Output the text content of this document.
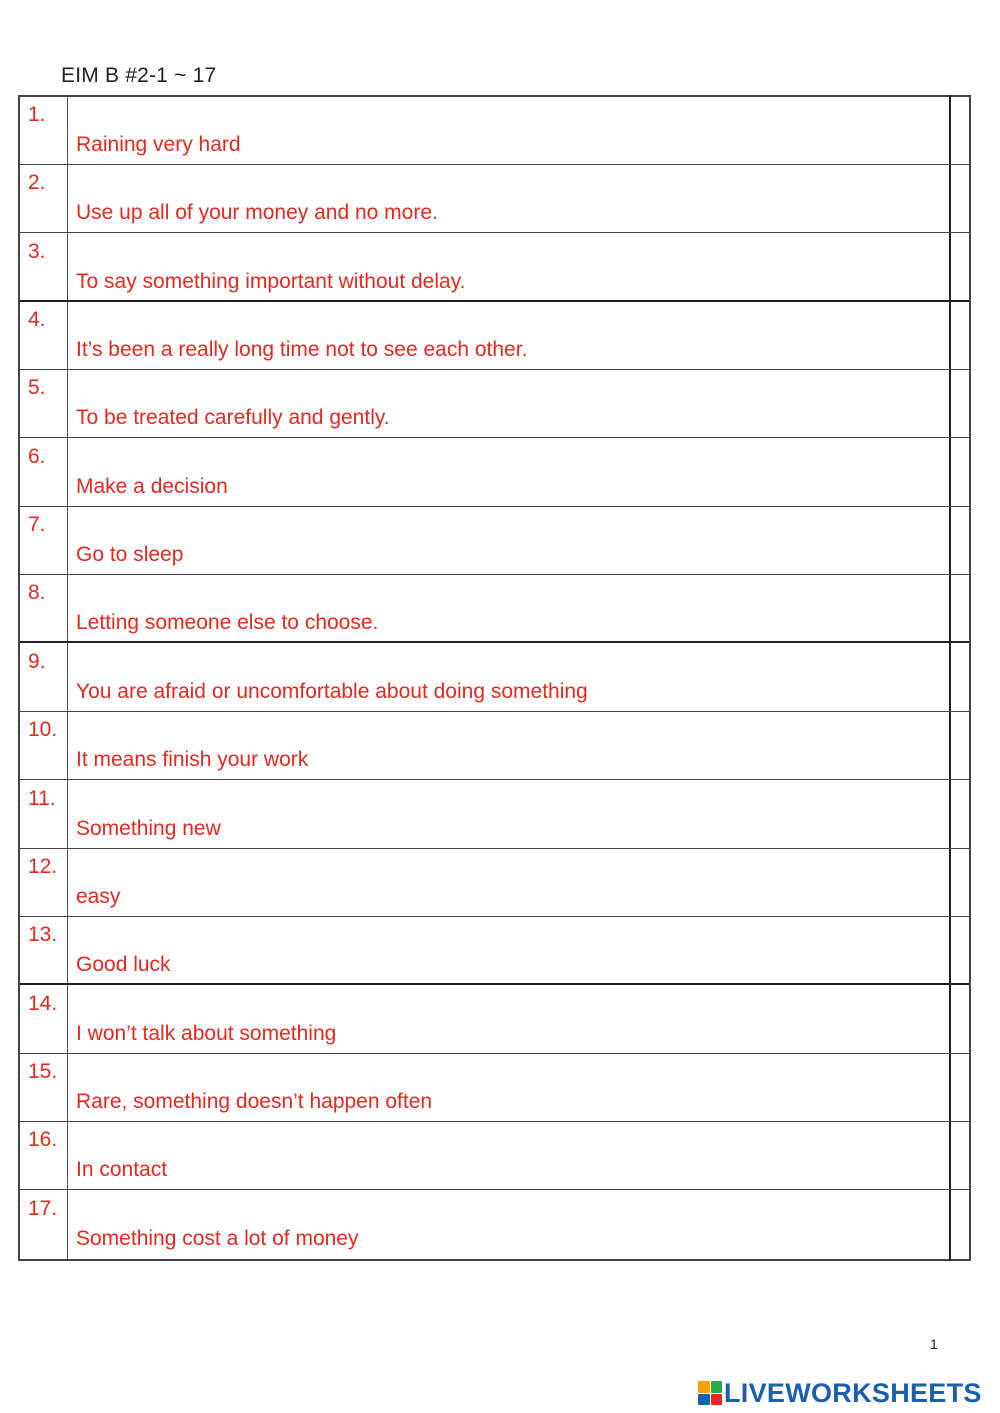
EIM B #2-1 ~ 17
1.
Raining very hard
2.
Use up all of your money and no more.
3.
To say something important without delay.
4.
It’s been a really long time not to see each other.
5.
To be treated carefully and gently.
6.
Make a decision
7.
Go to sleep
8.
Letting someone else to choose.
9.
You are afraid or uncomfortable about doing something
10.
It means finish your work
11.
Something new
12.
easy
13.
Good luck
14.
I won’t talk about something
15.
Rare, something doesn’t happen often
16.
In contact
17.
Something cost a lot of money
1
LIVEWORKSHEETS
